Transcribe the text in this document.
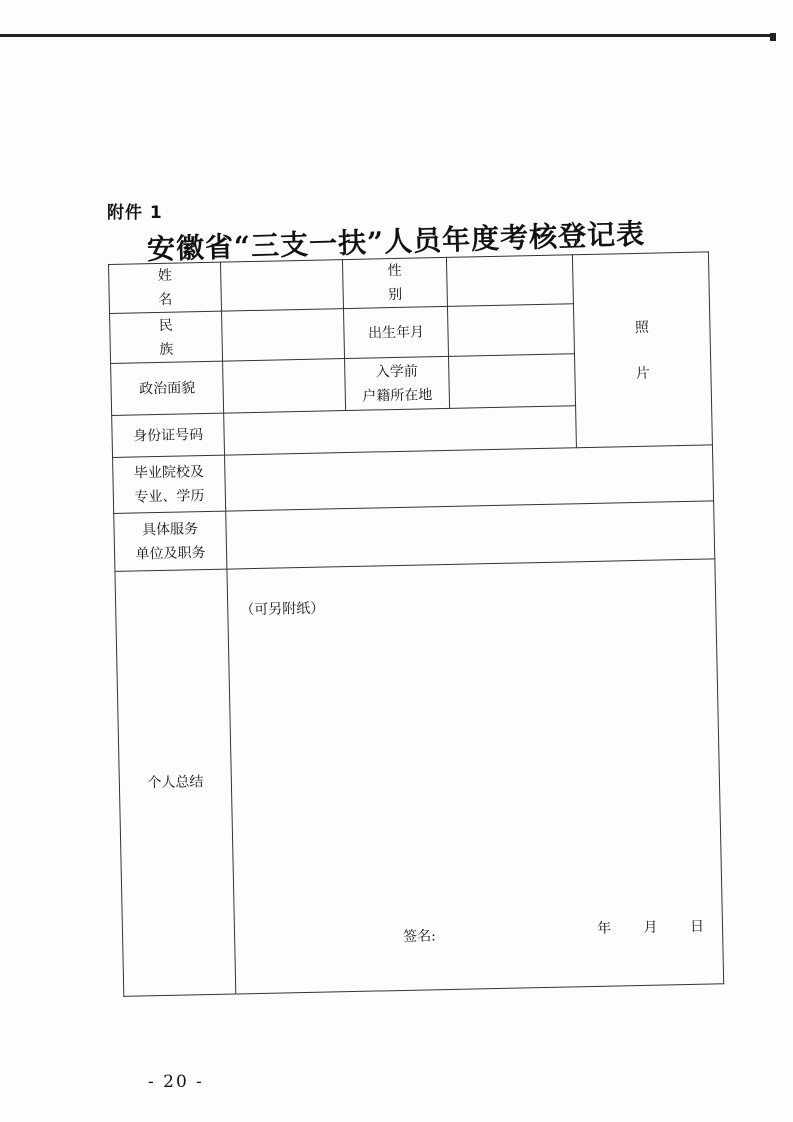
附件 1
安徽省“三支一扶”人员年度考核登记表
姓 名		性 别		照
片

民 族		出生年月		
政治面貌		入学前
户籍所在地		

身份证号码				

毕业院校及
专业、学历				

具体服务
单位及职务				

个人总结	（可另附纸）
签名: 年 月 日			
- 20 -
